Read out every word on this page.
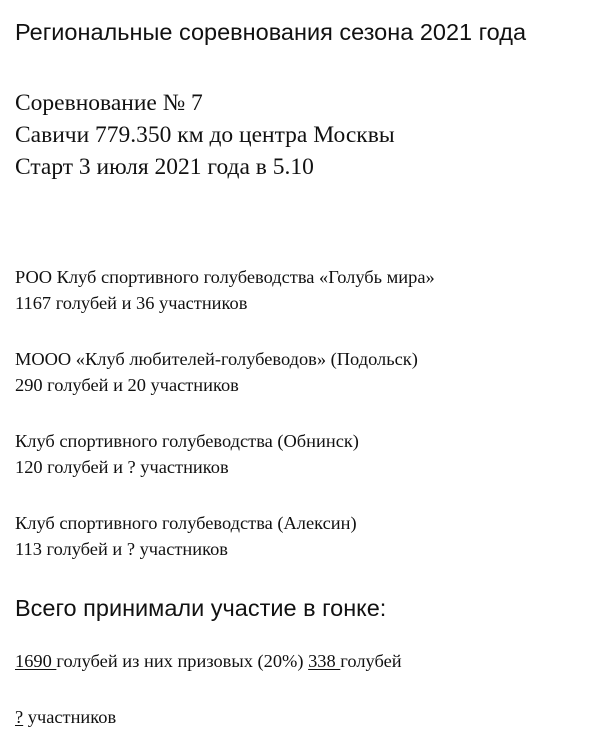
Региональные соревнования сезона 2021 года
Соревнование № 7
Савичи 779.350 км до центра Москвы
Старт 3 июля 2021 года в 5.10
РОО Клуб спортивного голубеводства «Голубь мира»
1167 голубей и 36 участников
МООО «Клуб любителей-голубеводов» (Подольск)
290 голубей и 20 участников
Клуб спортивного голубеводства (Обнинск)
120 голубей и ? участников
Клуб спортивного голубеводства (Алексин)
113 голубей и ? участников
Всего принимали участие в гонке:
1690 голубей из них призовых (20%) 338 голубей
? участников
